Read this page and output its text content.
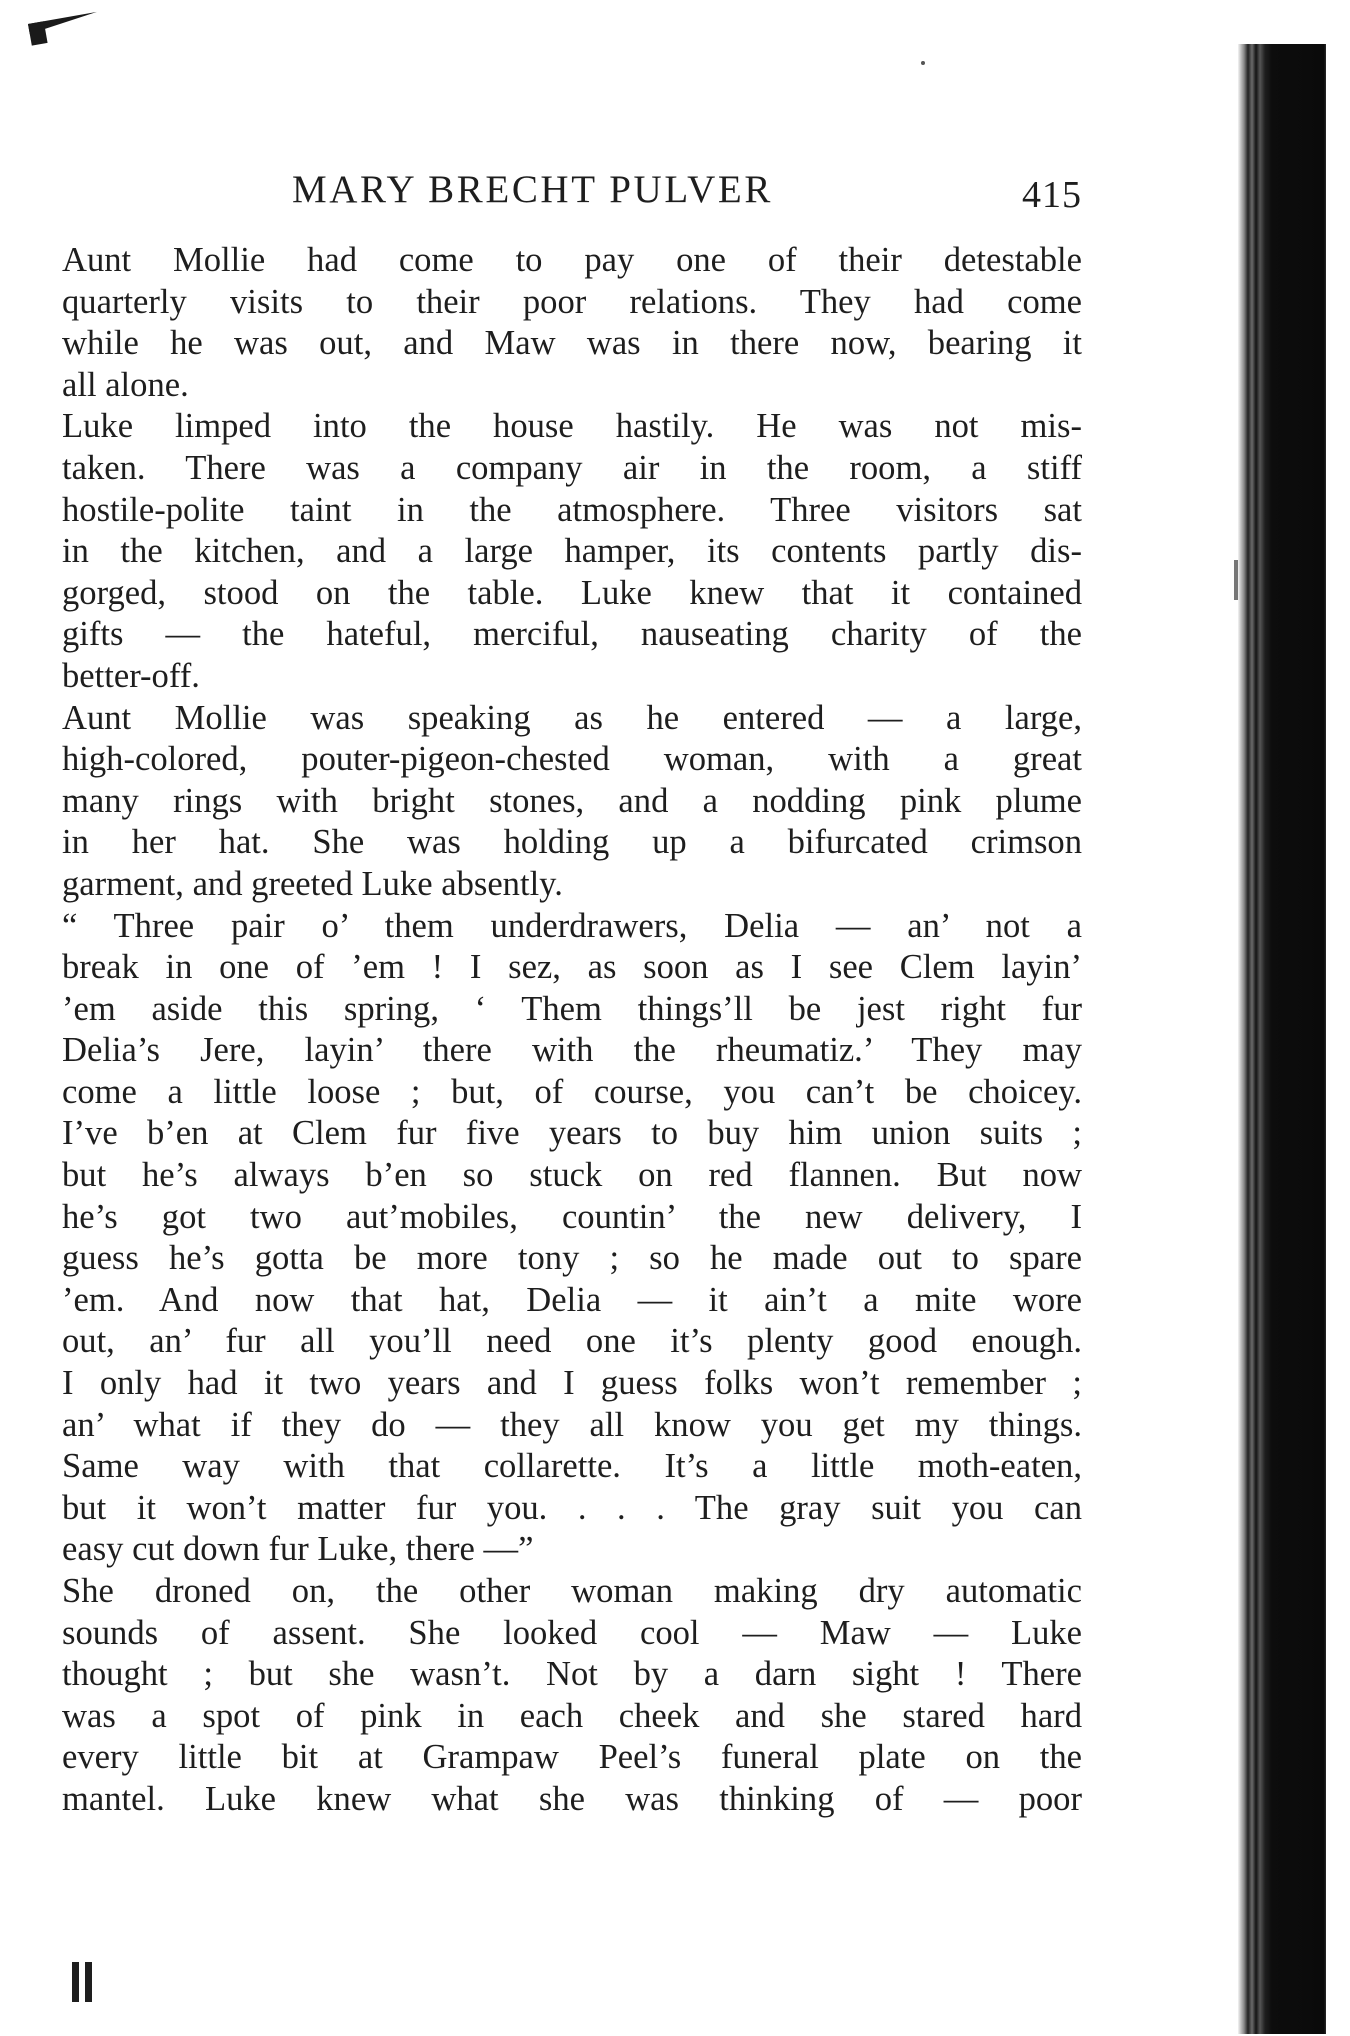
MARY BRECHT PULVER	415
Aunt Mollie had come to pay one of their detestable
quarterly visits to their poor relations. They had come
while he was out, and Maw was in there now, bearing it
all alone.
Luke limped into the house hastily. He was not mis-
taken. There was a company air in the room, a stiff
hostile-polite taint in the atmosphere. Three visitors sat
in the kitchen, and a large hamper, its contents partly dis-
gorged, stood on the table. Luke knew that it contained
gifts — the hateful, merciful, nauseating charity of the
better-off.
Aunt Mollie was speaking as he entered — a large,
high-colored, pouter-pigeon-chested woman, with a great
many rings with bright stones, and a nodding pink plume
in her hat. She was holding up a bifurcated crimson
garment, and greeted Luke absently.
“ Three pair o’ them underdrawers, Delia — an’ not a
break in one of ’em ! I sez, as soon as I see Clem layin’
’em aside this spring, ‘ Them things’ll be jest right fur
Delia’s Jere, layin’ there with the rheumatiz.’ They may
come a little loose ; but, of course, you can’t be choicey.
I’ve b’en at Clem fur five years to buy him union suits ;
but he’s always b’en so stuck on red flannen. But now
he’s got two aut’mobiles, countin’ the new delivery, I
guess he’s gotta be more tony ; so he made out to spare
’em. And now that hat, Delia — it ain’t a mite wore
out, an’ fur all you’ll need one it’s plenty good enough.
I only had it two years and I guess folks won’t remember ;
an’ what if they do — they all know you get my things.
Same way with that collarette. It’s a little moth-eaten,
but it won’t matter fur you. . . . The gray suit you can
easy cut down fur Luke, there —”
She droned on, the other woman making dry automatic
sounds of assent. She looked cool — Maw — Luke
thought ; but she wasn’t. Not by a darn sight ! There
was a spot of pink in each cheek and she stared hard
every little bit at Grampaw Peel’s funeral plate on the
mantel. Luke knew what she was thinking of — poor
